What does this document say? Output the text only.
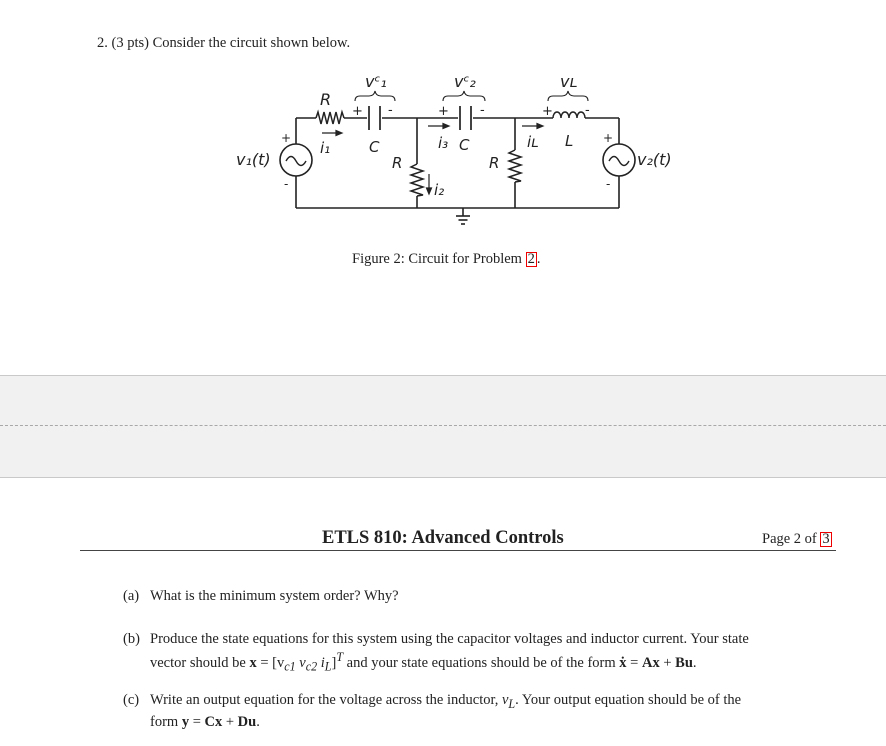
2. (3 pts) Consider the circuit shown below.
vᶜ₁	vᶜ₂	vʟ
R
C	C
R	R
L
i₁	i₃	iʟ
i₂
v₁(t)	v₂(t)
+ -	+ -	+ -
+
-
+
-
Figure 2: Circuit for Problem 2 .
ETLS 810: Advanced Controls	Page 2 of 3
(a) What is the minimum system order? Why?
(b) Produce the state equations for this system using the capacitor voltages and inductor current. Your state
vector should be $x = [v_{c1}$ $v_{c2}$ $i_L]^T$ and your state equations should be of the form ẋ = Ax + Bu.
(c) Write an output equation for the voltage across the inductor, $v_L$. Your output equation should be of the
form y = Cx + Du.
